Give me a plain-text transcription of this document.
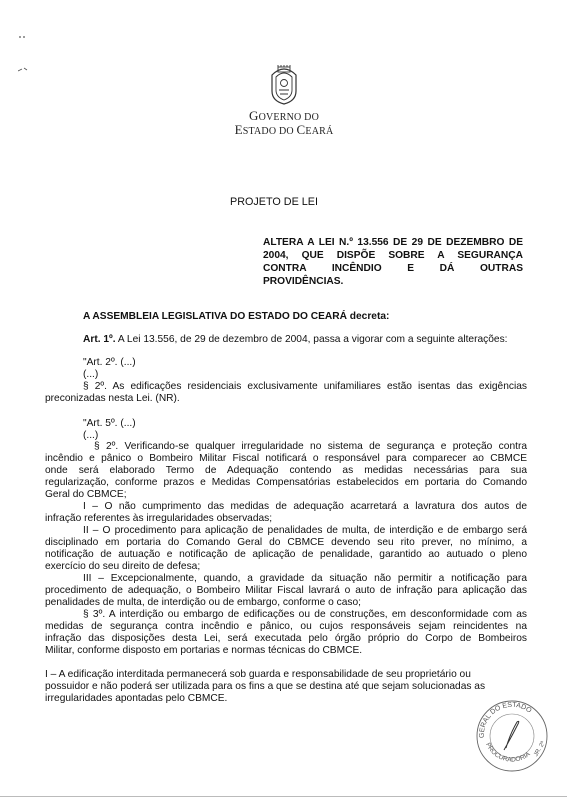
GOVERNO DO
ESTADO DO CEARÁ
PROJETO DE LEI
ALTERA A LEI N.º 13.556 DE 29 DE DEZEMBRO DE
2004, QUE DISPÕE SOBRE A SEGURANÇA
CONTRA INCÊNDIO E DÁ OUTRAS
PROVIDÊNCIAS.
A ASSEMBLEIA LEGISLATIVA DO ESTADO DO CEARÁ decreta:
Art. 1º. A Lei 13.556, de 29 de dezembro de 2004, passa a vigorar com a seguinte alterações:
"Art. 2º. (...)
(...)
§ 2º. As edificações residenciais exclusivamente unifamiliares estão isentas das exigências
preconizadas nesta Lei. (NR).
"Art. 5º. (...)
(...)
§ 2º. Verificando-se qualquer irregularidade no sistema de segurança e proteção contra
incêndio e pânico o Bombeiro Militar Fiscal notificará o responsável para comparecer ao CBMCE
onde será elaborado Termo de Adequação contendo as medidas necessárias para sua
regularização, conforme prazos e Medidas Compensatórias estabelecidos em portaria do Comando
Geral do CBMCE;
I – O não cumprimento das medidas de adequação acarretará a lavratura dos autos de
infração referentes às irregularidades observadas;
II – O procedimento para aplicação de penalidades de multa, de interdição e de embargo será
disciplinado em portaria do Comando Geral do CBMCE devendo seu rito prever, no mínimo, a
notificação de autuação e notificação de aplicação de penalidade, garantido ao autuado o pleno
exercício do seu direito de defesa;
III – Excepcionalmente, quando, a gravidade da situação não permitir a notificação para
procedimento de adequação, o Bombeiro Militar Fiscal lavrará o auto de infração para aplicação das
penalidades de multa, de interdição ou de embargo, conforme o caso;
§ 3º. A interdição ou embargo de edificações ou de construções, em desconformidade com as
medidas de segurança contra incêndio e pânico, ou cujos responsáveis sejam reincidentes na
infração das disposições desta Lei, será executada pelo órgão próprio do Corpo de Bombeiros
Militar, conforme disposto em portarias e normas técnicas do CBMCE.
I – A edificação interditada permanecerá sob guarda e responsabilidade de seu proprietário ou
possuidor e não poderá ser utilizada para os fins a que se destina até que sejam solucionadas as
irregularidades apontadas pelo CBMCE.
GERAL DO ESTADO
PROCURADORIA JR. 2ª
